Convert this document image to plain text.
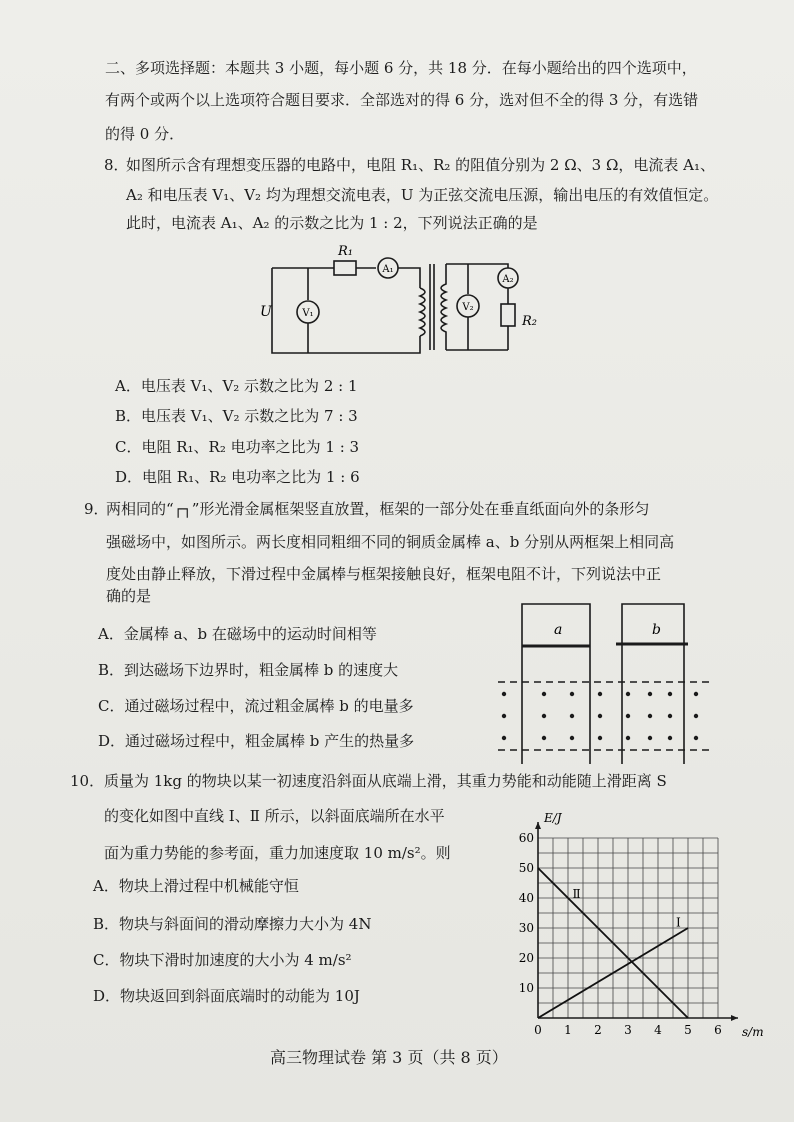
二、多项选择题：本题共 3 小题，每小题 6 分，共 18 分．在每小题给出的四个选项中，
有两个或两个以上选项符合题目要求．全部选对的得 6 分，选对但不全的得 3 分，有选错
的得 0 分．
8．
如图所示含有理想变压器的电路中，电阻 R₁、R₂ 的阻值分别为 2 Ω、3 Ω，电流表 A₁、
A₂ 和电压表 V₁、V₂ 均为理想交流电表，U 为正弦交流电压源，输出电压的有效值恒定。
此时，电流表 A₁、A₂ 的示数之比为 1 : 2，下列说法正确的是
R₁
U
A₁
V₁
V₂
A₂
R₂
A．电压表 V₁、V₂ 示数之比为 2 : 1
B．电压表 V₁、V₂ 示数之比为 7 : 3
C．电阻 R₁、R₂ 电功率之比为 1 : 3
D．电阻 R₁、R₂ 电功率之比为 1 : 6
9．
两相同的“┌┐”形光滑金属框架竖直放置，框架的一部分处在垂直纸面向外的条形匀
强磁场中，如图所示。两长度相同粗细不同的铜质金属棒 a、b 分别从两框架上相同高
度处由静止释放，下滑过程中金属棒与框架接触良好，框架电阻不计，下列说法中正
确的是
a	b
A．金属棒 a、b 在磁场中的运动时间相等
B．到达磁场下边界时，粗金属棒 b 的速度大
C．通过磁场过程中，流过粗金属棒 b 的电量多
D．通过磁场过程中，粗金属棒 b 产生的热量多
10． 质量为 1kg 的物块以某一初速度沿斜面从底端上滑，其重力势能和动能随上滑距离 S
的变化如图中直线 Ⅰ、Ⅱ 所示，以斜面底端所在水平
面为重力势能的参考面，重力加速度取 10 m/s²。则
A．物块上滑过程中机械能守恒
B．物块与斜面间的滑动摩擦力大小为 4N
C．物块下滑时加速度的大小为 4 m/s²
D．物块返回到斜面底端时的动能为 10J
Ⅱ
Ⅰ
0 1 2 3 4 5 6
10
20
30
40
50
60
E/J
s/m
高三物理试卷 第 3 页（共 8 页）
